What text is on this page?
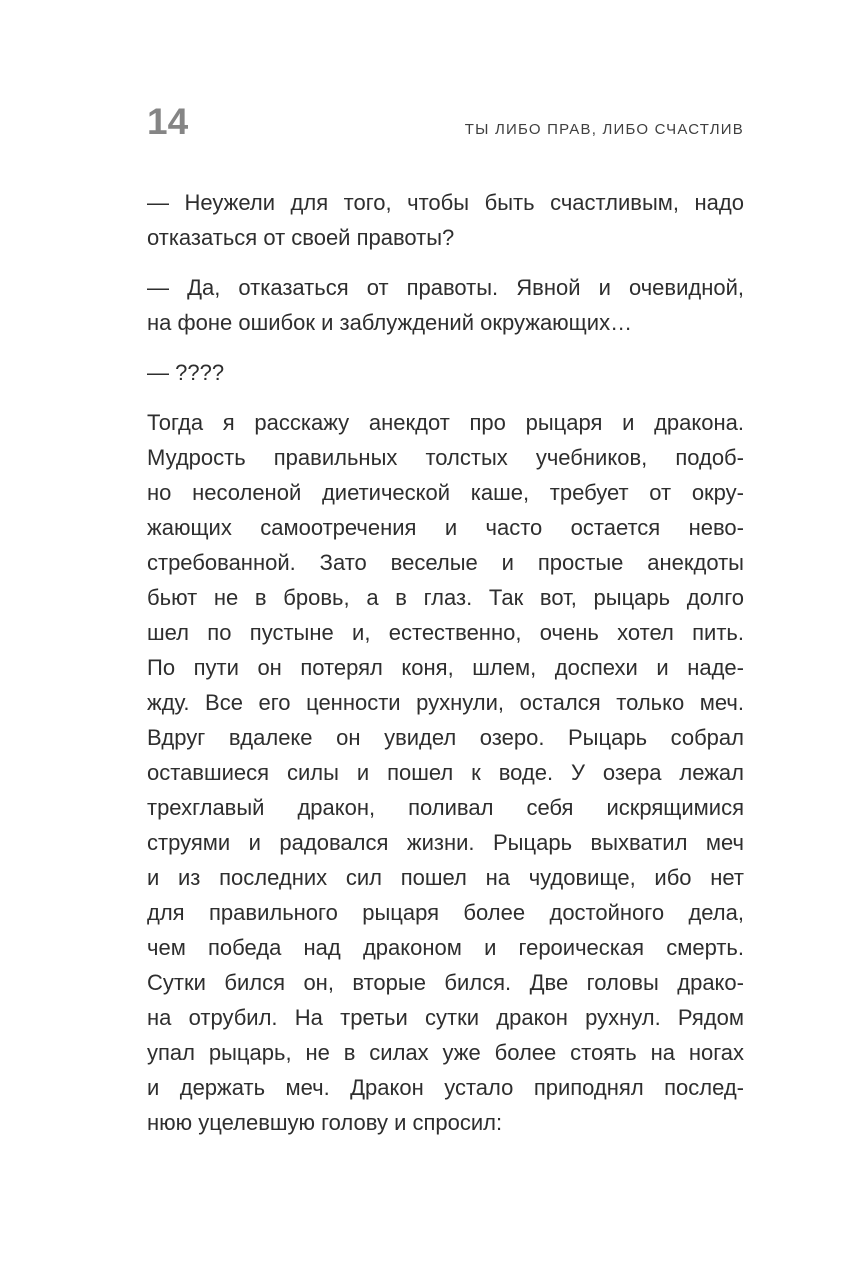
14	ТЫ ЛИБО ПРАВ, ЛИБО СЧАСТЛИВ

— Неужели для того, чтобы быть счастливым, надо
отказаться от своей правоты?

— Да, отказаться от правоты. Явной и очевидной,
на фоне ошибок и заблуждений окружающих…

— ????

Тогда я расскажу анекдот про рыцаря и дракона.
Мудрость правильных толстых учебников, подоб-
но несоленой диетической каше, требует от окру-
жающих самоотречения и часто остается нево-
стребованной. Зато веселые и простые анекдоты
бьют не в бровь, а в глаз. Так вот, рыцарь долго
шел по пустыне и, естественно, очень хотел пить.
По пути он потерял коня, шлем, доспехи и наде-
жду. Все его ценности рухнули, остался только меч.
Вдруг вдалеке он увидел озеро. Рыцарь собрал
оставшиеся силы и пошел к воде. У озера лежал
трехглавый дракон, поливал себя искрящимися
струями и радовался жизни. Рыцарь выхватил меч
и из последних сил пошел на чудовище, ибо нет
для правильного рыцаря более достойного дела,
чем победа над драконом и героическая смерть.
Сутки бился он, вторые бился. Две головы драко-
на отрубил. На третьи сутки дракон рухнул. Рядом
упал рыцарь, не в силах уже более стоять на ногах
и держать меч. Дракон устало приподнял послед-
нюю уцелевшую голову и спросил:
